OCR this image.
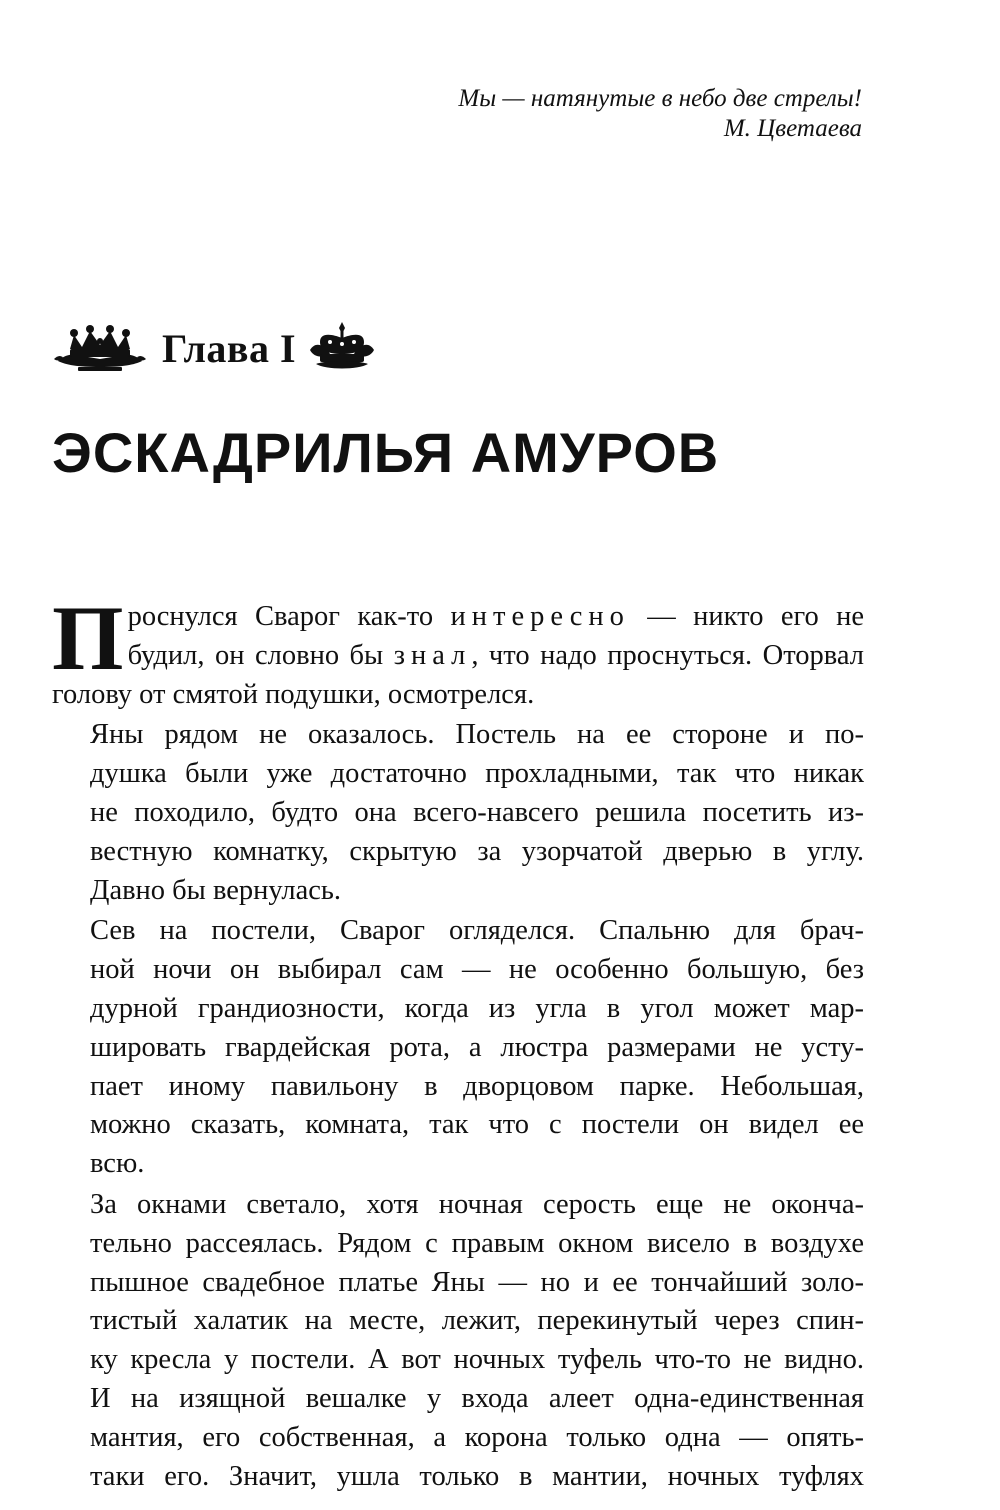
Мы — натянутые в небо две стрелы!
М. Цветаева
Глава I
ЭСКАДРИЛЬЯ АМУРОВ

П роснулся Сварог как-то интересно — никто его не
будил, он словно бы знал, что надо проснуться. Оторвал
голову от смятой подушки, осмотрелся.

Яны рядом не оказалось. Постель на ее стороне и по-
душка были уже достаточно прохладными, так что никак
не походило, будто она всего-навсего решила посетить из-
вестную комнатку, скрытую за узорчатой дверью в углу.
Давно бы вернулась.

Сев на постели, Сварог огляделся. Спальню для брач-
ной ночи он выбирал сам — не особенно большую, без
дурной грандиозности, когда из угла в угол может мар-
шировать гвардейская рота, а люстра размерами не усту-
пает иному павильону в дворцовом парке. Небольшая,
можно сказать, комната, так что с постели он видел ее
всю.

За окнами светало, хотя ночная серость еще не оконча-
тельно рассеялась. Рядом с правым окном висело в воздухе
пышное свадебное платье Яны — но и ее тончайший золо-
тистый халатик на месте, лежит, перекинутый через спин-
ку кресла у постели. А вот ночных туфель что-то не видно.
И на изящной вешалке у входа алеет одна-единственная
мантия, его собственная, а корона только одна — опять-
таки его. Значит, ушла только в мантии, ночных туфлях
